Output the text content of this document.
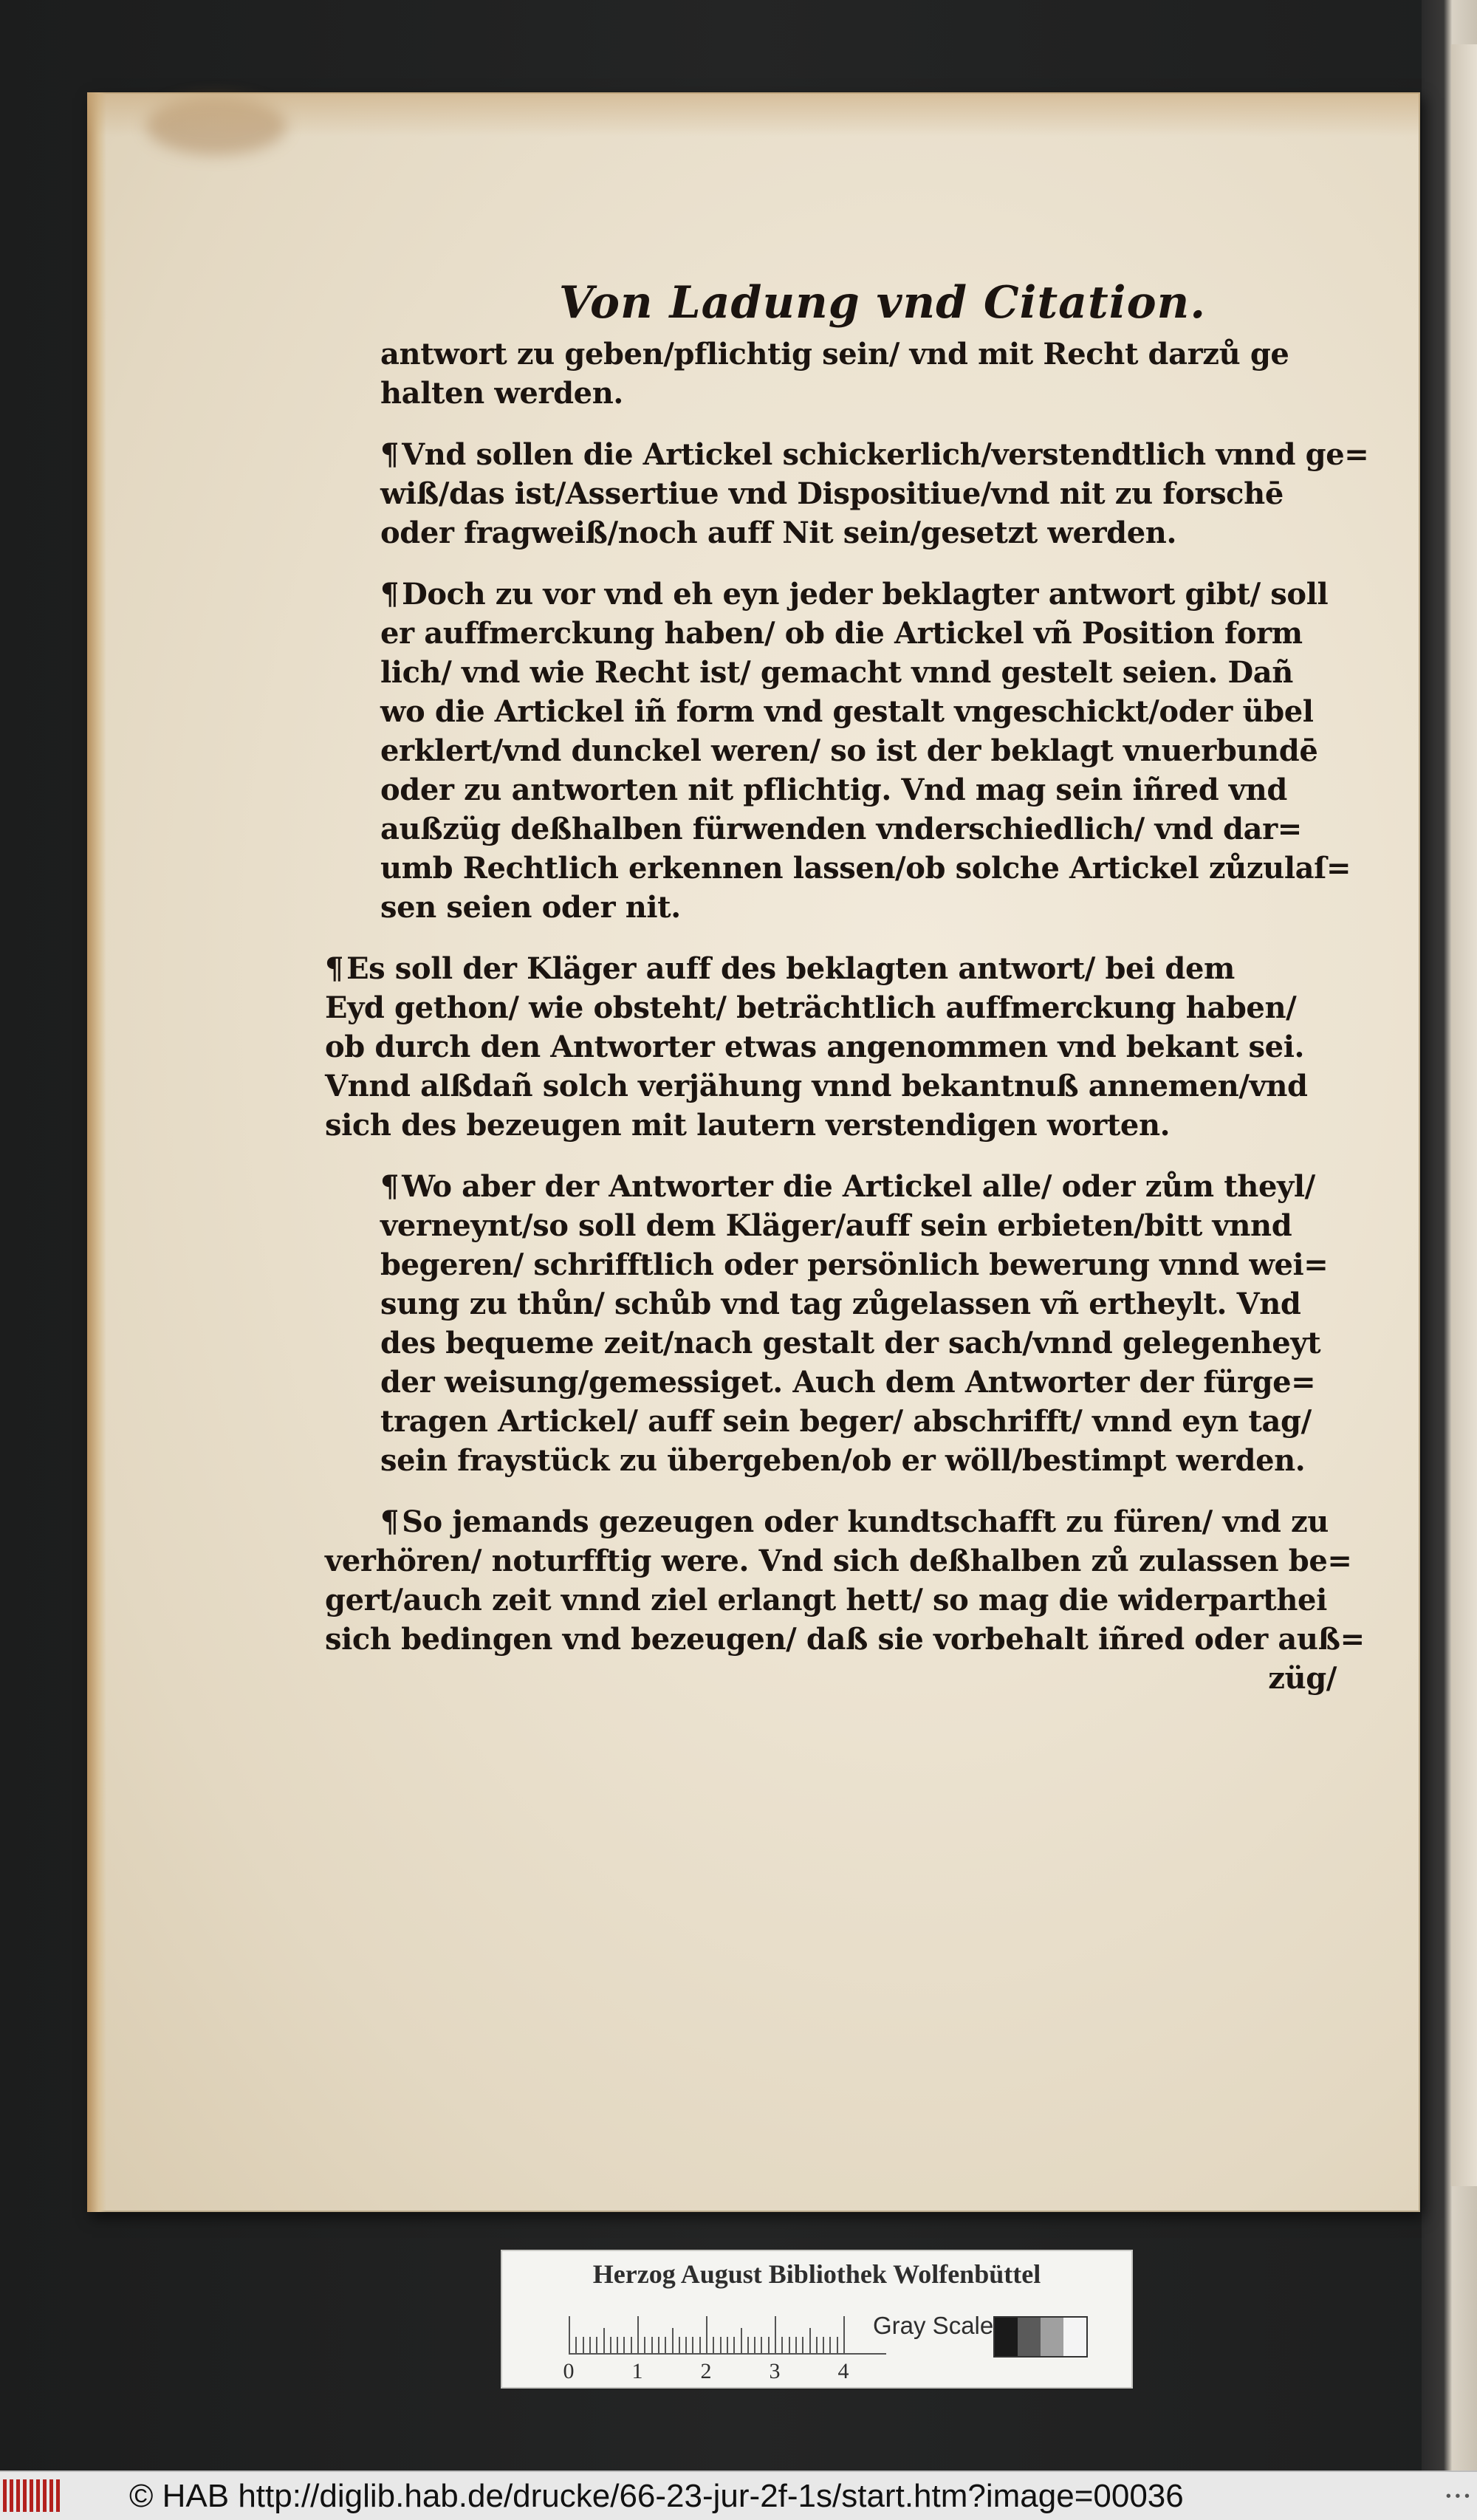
Von Ladung vnd Citation.

antwort zu geben/pflichtig sein/ vnd mit Recht darzů ge

halten werden.

¶ Vnd sollen die Artickel schickerlich/verstendtlich vnnd ge=

wiß/das ist/Assertiue vnd Dispositiue/vnd nit zu forschē

oder fragweiß/noch auff Nit sein/gesetzt werden.

¶ Doch zu vor vnd eh eyn jeder beklagter antwort gibt/ soll

er auffmerckung haben/ ob die Artickel vñ Position form

lich/ vnd wie Recht ist/ gemacht vnnd gestelt seien. Dañ

wo die Artickel iñ form vnd gestalt vngeschickt/oder übel

erklert/vnd dunckel weren/ so ist der beklagt vnuerbundē

oder zu antworten nit pflichtig. Vnd mag sein iñred vnd

außzüg deßhalben fürwenden vnderschiedlich/ vnd dar=

umb Rechtlich erkennen lassen/ob solche Artickel zůzulaſ=

sen seien oder nit.

¶ Es soll der Kläger auff des beklagten antwort/ bei dem

Eyd gethon/ wie obsteht/ beträchtlich auffmerckung haben/

ob durch den Antworter etwas angenommen vnd bekant sei.

Vnnd alßdañ solch verjähung vnnd bekantnuß annemen/vnd

sich des bezeugen mit lautern verstendigen worten.

¶ Wo aber der Antworter die Artickel alle/ oder zům theyl/

verneynt/so soll dem Kläger/auff sein erbieten/bitt vnnd

begeren/ schrifftlich oder persönlich bewerung vnnd wei=

sung zu thůn/ schůb vnd tag zůgelassen vñ ertheylt. Vnd

des bequeme zeit/nach gestalt der sach/vnnd gelegenheyt

der weisung/gemessiget. Auch dem Antworter der fürge=

tragen Artickel/ auff sein beger/ abschrifft/ vnnd eyn tag/

sein fraystück zu übergeben/ob er wöll/bestimpt werden.

¶ So jemands gezeugen oder kundtschafft zu füren/ vnd zu

verhören/ noturfftig were. Vnd sich deßhalben zů zulassen be=

gert/auch zeit vnnd ziel erlangt hett/ so mag die widerparthei

sich bedingen vnd bezeugen/ daß sie vorbehalt iñred oder auß=

züg/

Herzog August Bibliothek Wolfenbüttel
0	1	2	3	4
Gray Scale
© HAB http://diglib.hab.de/drucke/66-23-jur-2f-1s/start.htm?image=00036	• • •
